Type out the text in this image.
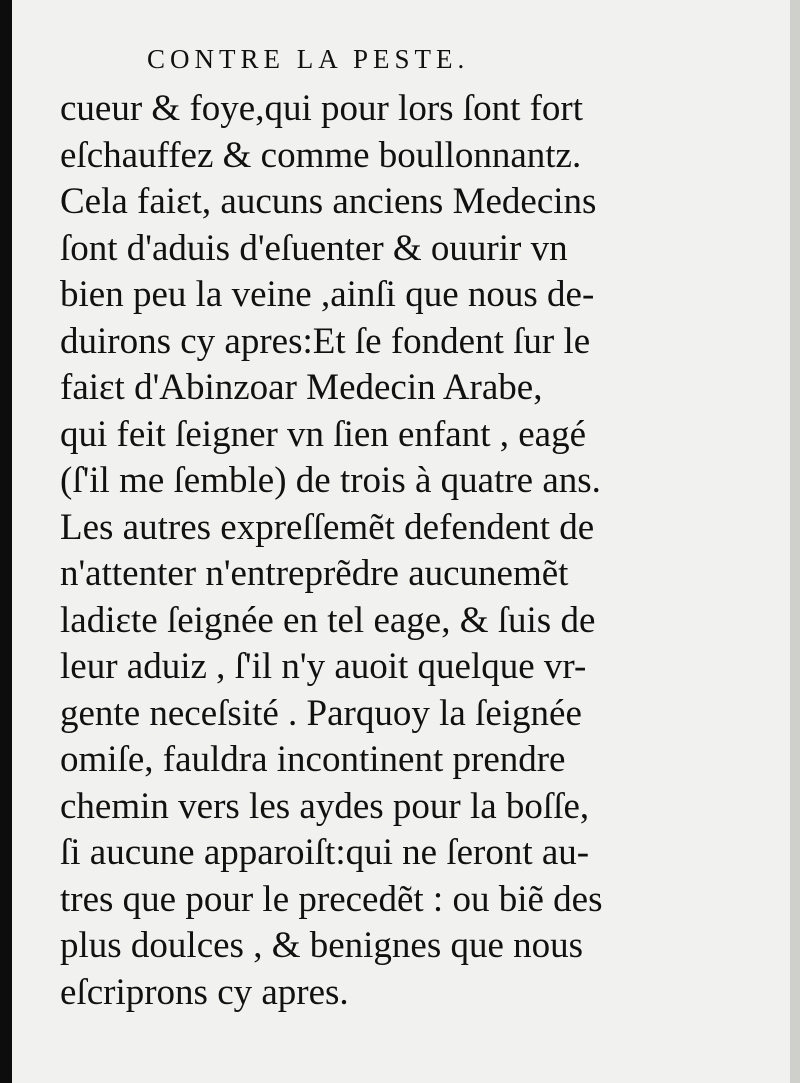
CONTRE LA PESTE.
cueur & foye,qui pour lors ſont fort
eſchauffez & comme boullonnantz.
Cela faiɛt, aucuns anciens Medecins
ſont d'aduis d'eſuenter & ouurir vn
bien peu la veine ,ainſi que nous de-
duirons cy apres:Et ſe fondent ſur le
faiɛt d'Abinzoar Medecin Arabe,
qui feit ſeigner vn ſien enfant , eagé
(ſ'il me ſemble) de trois à quatre ans.
Les autres expreſſemẽt defendent de
n'attenter n'entreprẽdre aucunemẽt
ladiɛte ſeignée en tel eage, & ſuis de
leur aduiz , ſ'il n'y auoit quelque vr-
gente neceſsité . Parquoy la ſeignée
omiſe, fauldra incontinent prendre
chemin vers les aydes pour la boſſe,
ſi aucune apparoiſt:qui ne ſeront au-
tres que pour le precedẽt : ou biẽ des
plus doulces , & benignes que nous
eſcriprons cy apres.
